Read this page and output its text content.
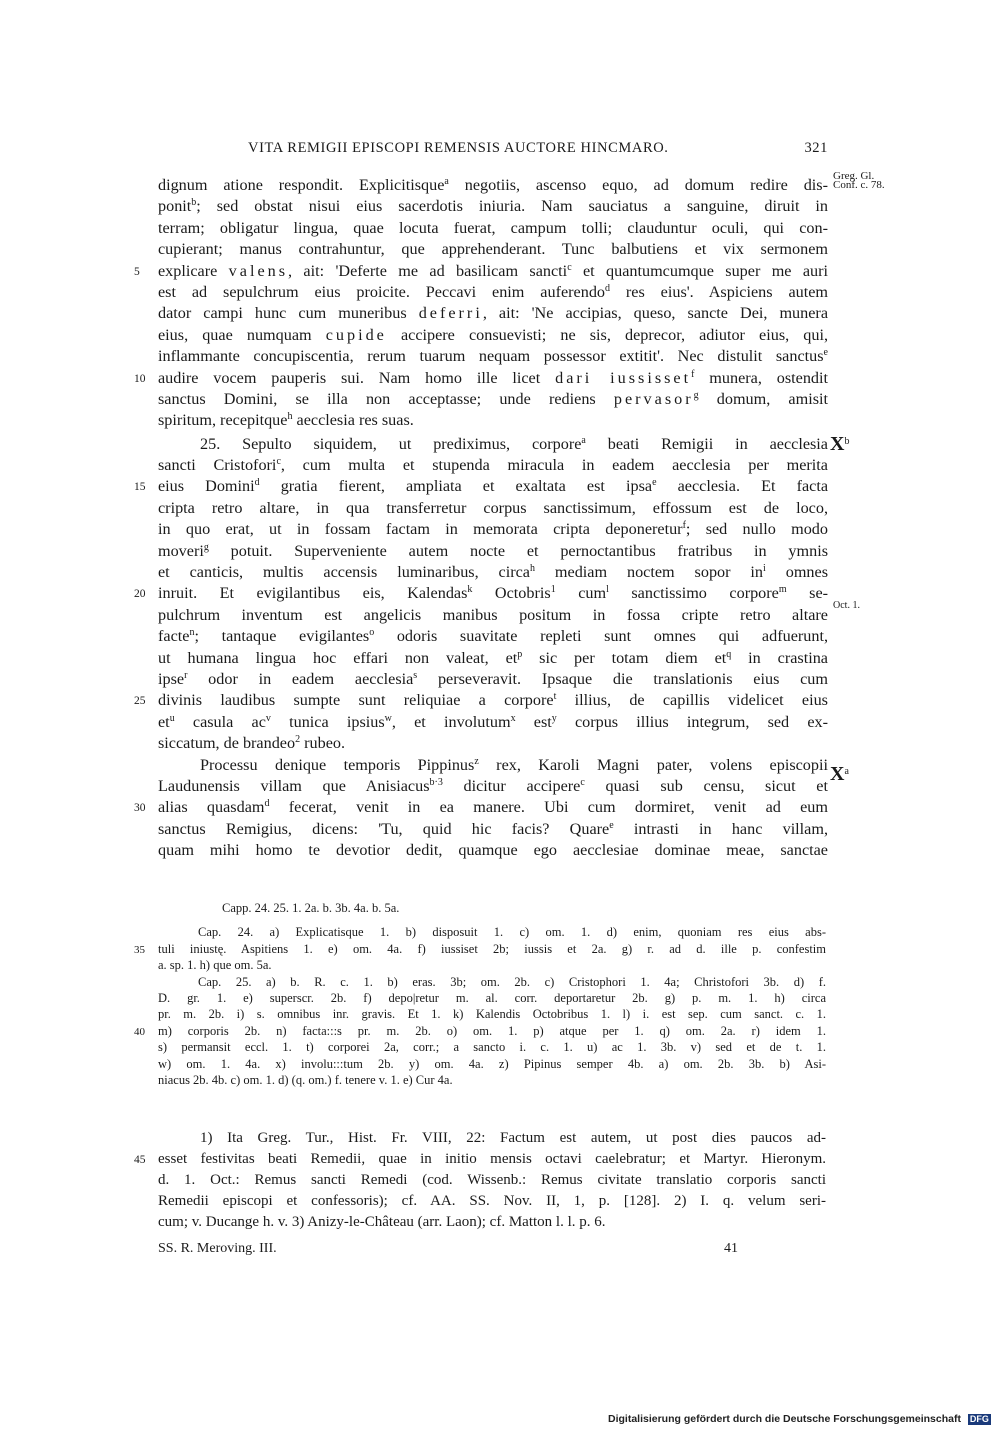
VITA REMIGII EPISCOPI REMENSIS AUCTORE HINCMARO.	321
Greg. Gl.
Conf. c. 78.
$X^b$
Oct. 1.
$X^a$
dignum atione respondit. Explicitisque$^a$ negotiis, ascenso equo, ad domum redire dis-
ponit$^b$; sed obstat nisui eius sacerdotis iniuria. Nam sauciatus a sanguine, diruit in
terram; obligatur lingua, quae locuta fuerat, campum tolli; clauduntur oculi, qui con-
cupierant; manus contrahuntur, que apprehenderant. Tunc balbutiens et vix sermonem
5	explicare valens, ait: 'Deferte me ad basilicam sancti$^c$ et quantumcumque super me auri
est ad sepulchrum eius proicite. Peccavi enim auferendo$^d$ res eius'. Aspiciens autem
dator campi hunc cum muneribus deferri, ait: 'Ne accipias, queso, sancte Dei, munera
eius, quae numquam cupide accipere consuevisti; ne sis, deprecor, adiutor eius, qui,
inflammante concupiscentia, rerum tuarum nequam possessor extitit'. Nec distulit sanctus$^e$
10 audire vocem pauperis sui. Nam homo ille licet dari iussisset$^f$ munera, ostendit
sanctus Domini, se illa non acceptasse; unde rediens pervasor$^g$ domum, amisit
spiritum, recepitque$^h$ aecclesia res suas.
25. Sepulto siquidem, ut prediximus, corpore$^a$ beati Remigii in aecclesia
sancti Cristofori$^c$, cum multa et stupenda miracula in eadem aecclesia per merita
15 eius Domini$^d$ gratia fierent, ampliata et exaltata est ipsa$^e$ aecclesia. Et facta
cripta retro altare, in qua transferretur corpus sanctissimum, effossum est de loco,
in quo erat, ut in fossam factam in memorata cripta deponeretur$^f$; sed nullo modo
moveri$^g$ potuit. Superveniente autem nocte et pernoctantibus fratribus in ymnis
et canticis, multis accensis luminaribus, circa$^h$ mediam noctem sopor $in^i$ omnes
20 inruit. Et evigilantibus eis, Kalendas$^k$ Octobris$^1$ cum$^l$ sanctissimo corpore$^m$ se-
pulchrum inventum est angelicis manibus positum in fossa cripte retro altare
facte$^n$; tantaque evigilantes$^o$ odoris suavitate repleti sunt omnes qui adfuerunt,
ut humana lingua hoc effari non valeat, $et^p$ sic per totam diem $et^q$ in crastina
ipse$^r$ odor in eadem aecclesia$^s$ perseveravit. Ipsaque die translationis eius cum
25 divinis laudibus sumpte sunt reliquiae a corpore$^t$ illius, de capillis videlicet eius
$et^u$ casula $ac^v$ tunica ipsius$^w$, et involutum$^x$ est$^y$ corpus illius integrum, sed ex-
siccatum, de brandeo$^2$ rubeo.
Processu denique temporis Pippinus$^z$ rex, Karoli Magni pater, volens episcopii
Laudunensis villam que Anisiacus$^{b\cdot 3}$ dicitur accipere$^c$ quasi sub censu, sicut et
30 alias quasdam$^d$ fecerat, venit in ea manere. Ubi cum dormiret, venit ad eum
sanctus Remigius, dicens: 'Tu, quid hic facis? Quare$^e$ intrasti in hanc villam,
quam mihi homo te devotior dedit, quamque ego aecclesiae dominae meae, sanctae
Capp. 24. 25. 1. 2a. b. 3b. 4a. b. 5a.
Cap. 24. a) Explicatisque 1. b) disposuit 1. c) om. 1. d) enim, quoniam res eius abs-
35	tuli iniustę. Aspitiens 1. e) om. 4a. f) iussiset 2b; iussis et 2a. g) r. ad d. ille p. confestim
a. sp. 1. h) que om. 5a.
Cap. 25. a) b. R. c. 1. b) eras. 3b; om. 2b. c) Cristophori 1. 4a; Christofori 3b. d) f.
D. gr. 1. e) superscr. 2b. f) depo|retur m. al. corr. deportaretur 2b. g) p. m. 1. h) circa
pr. m. 2b. i) s. omnibus inr. gravis. Et 1. k) Kalendis Octobribus 1. l) i. est sep. cum sanct. c. 1.
40	m) corporis 2b. n) facta:::s pr. m. 2b. o) om. 1. p) atque per 1. q) om. 2a. r) idem 1.
s) permansit eccl. 1. t) corporei 2a, corr.; a sancto i. c. 1. u) ac 1. 3b. v) sed et de t. 1.
w) om. 1. 4a. x) involu:::tum 2b. y) om. 4a. z) Pipinus semper 4b. a) om. 2b. 3b. b) Asi-
niacus 2b. 4b. c) om. 1. d) (q. om.) f. tenere v. 1. e) Cur 4a.
1) Ita Greg. Tur., Hist. Fr. VIII, 22: Factum est autem, ut post dies paucos ad-
45 esset festivitas beati Remedii, quae in initio mensis octavi caelebratur; et Martyr. Hieronym.
d. 1. Oct.: Remus sancti Remedi (cod. Wissenb.: Remus civitate translatio corporis sancti
Remedii episcopi et confessoris); cf. AA. SS. Nov. II, 1, p. [128]. 2) I. q. velum seri-
cum; v. Ducange h. v. 3) Anizy-le-Château (arr. Laon); cf. Matton l. l. p. 6.
SS. R. Meroving. III.	41
Digitalisierung gefördert durch die Deutsche Forschungsgemeinschaft DFG
